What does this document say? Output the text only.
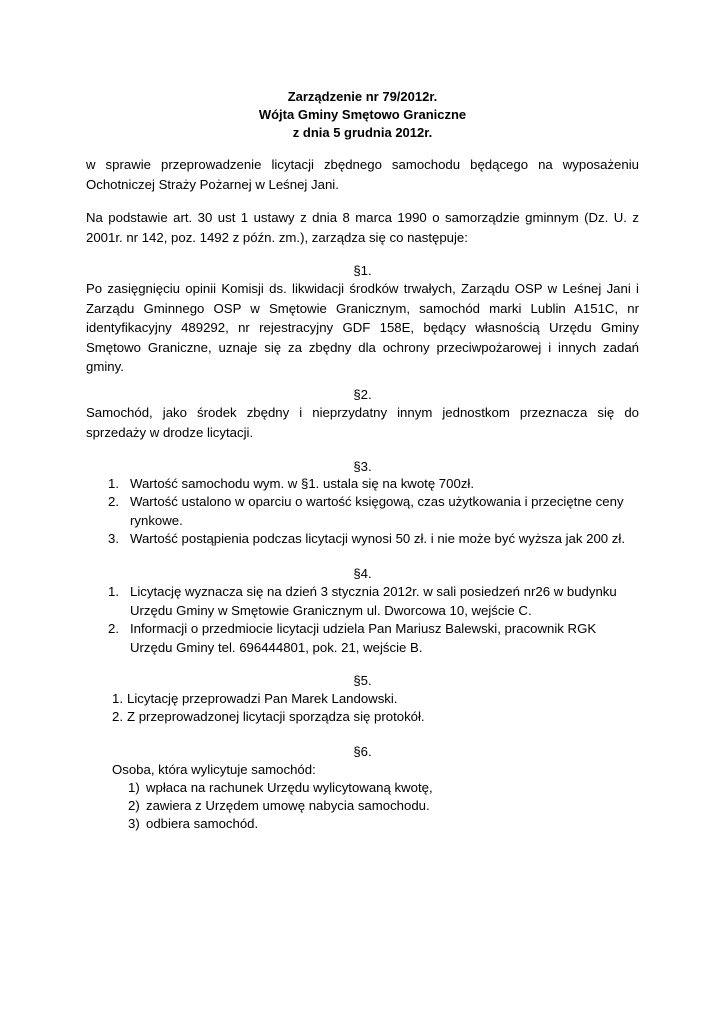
Zarządzenie nr 79/2012r.
Wójta Gminy Smętowo Graniczne
z dnia 5 grudnia 2012r.
w sprawie przeprowadzenie licytacji zbędnego samochodu będącego na wyposażeniu
Ochotniczej Straży Pożarnej w Leśnej Jani.
Na podstawie art. 30 ust 1 ustawy z dnia 8 marca 1990 o samorządzie gminnym (Dz. U. z
2001r. nr 142, poz. 1492 z późn. zm.), zarządza się co następuje:
§1.
Po zasięgnięciu opinii Komisji ds. likwidacji środków trwałych, Zarządu OSP w Leśnej Jani i
Zarządu Gminnego OSP w Smętowie Granicznym, samochód marki Lublin A151C, nr
identyfikacyjny 489292, nr rejestracyjny GDF 158E, będący własnością Urzędu Gminy
Smętowo Graniczne, uznaje się za zbędny dla ochrony przeciwpożarowej i innych zadań
gminy.
§2.
Samochód, jako środek zbędny i nieprzydatny innym jednostkom przeznacza się do
sprzedaży w drodze licytacji.
§3.
1. Wartość samochodu wym. w §1. ustala się na kwotę 700zł.
2. Wartość ustalono w oparciu o wartość księgową, czas użytkowania i przeciętne ceny
rynkowe.
3. Wartość postąpienia podczas licytacji wynosi 50 zł. i nie może być wyższa jak 200 zł.
§4.
1. Licytację wyznacza się na dzień 3 stycznia 2012r. w sali posiedzeń nr26 w budynku
Urzędu Gminy w Smętowie Granicznym ul. Dworcowa 10, wejście C.
2. Informacji o przedmiocie licytacji udziela Pan Mariusz Balewski, pracownik RGK
Urzędu Gminy tel. 696444801, pok. 21, wejście B.
§5.
1. Licytację przeprowadzi Pan Marek Landowski.
2. Z przeprowadzonej licytacji sporządza się protokół.
§6.
Osoba, która wylicytuje samochód:
1) wpłaca na rachunek Urzędu wylicytowaną kwotę,
2) zawiera z Urzędem umowę nabycia samochodu.
3) odbiera samochód.
